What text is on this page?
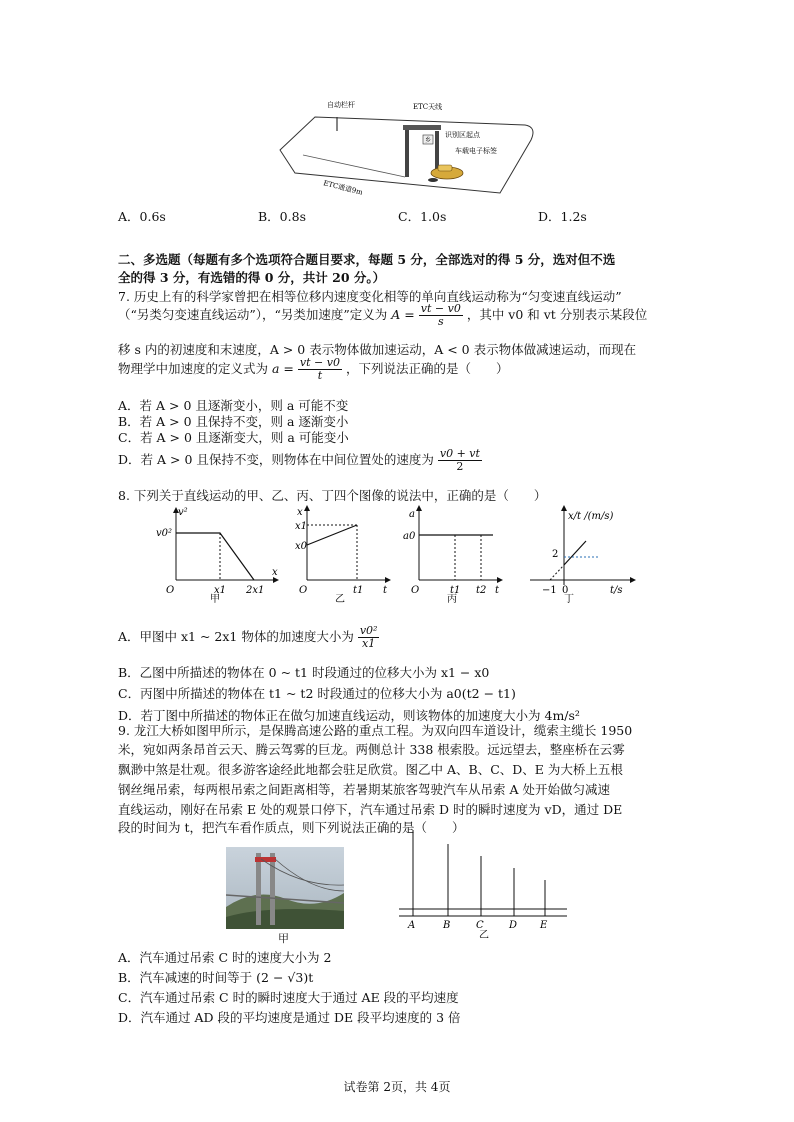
乡
自动栏杆	ETC天线
识别区起点
车载电子标签
ETC通道9m
A．0.6s	B．0.8s	C．1.0s	D．1.2s
二、多选题（每题有多个选项符合题目要求，每题 5 分，全部选对的得 5 分，选对但不选
全的得 3 分，有选错的得 0 分，共计 20 分。）
7. 历史上有的科学家曾把在相等位移内速度变化相等的单向直线运动称为“匀变速直线运动”
（“另类匀变速直线运动”），“另类加速度”定义为 $A = \frac{vt - v0}{s}$ ，其中 v0 和 vt 分别表示某段位
移 s 内的初速度和末速度，A > 0 表示物体做加速运动，A < 0 表示物体做减速运动，而现在
物理学中加速度的定义式为 $a = \frac{vt - v0}{t}$ ，下列说法正确的是（　　）
A．若 A > 0 且逐渐变小，则 a 可能不变
B．若 A > 0 且保持不变，则 a 逐渐变小
C．若 A > 0 且逐渐变大，则 a 可能变小
D．若 A > 0 且保持不变，则物体在中间位置处的速度为 $\frac{v0 + vt}{2}$
8. 下列关于直线运动的甲、乙、丙、丁四个图像的说法中，正确的是（　　）
v²
v0²
O	x1 2x1
x
甲
x
x1
x0
O	t1 t
乙
a
a0
O	t1 t2 t
丙
x/t /(m/s)
2
−1 0	t/s
丁
A．甲图中 x1 ~ 2x1 物体的加速度大小为 $\frac{\text{v0²}}{x1}$
B．乙图中所描述的物体在 0 ~ t1 时段通过的位移大小为 x1 − x0
C．丙图中所描述的物体在 t1 ~ t2 时段通过的位移大小为 a0(t2 − t1)
D．若丁图中所描述的物体正在做匀加速直线运动，则该物体的加速度大小为 4m/s²
9. 龙江大桥如图甲所示，是保腾高速公路的重点工程。为双向四车道设计，缆索主缆长 1950
米，宛如两条昂首云天、腾云驾雾的巨龙。两侧总计 338 根索股。远远望去，整座桥在云雾
飘渺中煞是壮观。很多游客途经此地都会驻足欣赏。图乙中 A、B、C、D、E 为大桥上五根
钢丝绳吊索，每两根吊索之间距离相等，若暑期某旅客驾驶汽车从吊索 A 处开始做匀减速
直线运动，刚好在吊索 E 处的观景口停下，汽车通过吊索 D 时的瞬时速度为 vD，通过 DE
段的时间为 t，把汽车看作质点，则下列说法正确的是（　　）
甲
A	B	C	D E
乙
A．汽车通过吊索 C 时的速度大小为 2
B．汽车减速的时间等于 (2 − √3)t
C．汽车通过吊索 C 时的瞬时速度大于通过 AE 段的平均速度
D．汽车通过 AD 段的平均速度是通过 DE 段平均速度的 3 倍
试卷第 2页，共 4页
